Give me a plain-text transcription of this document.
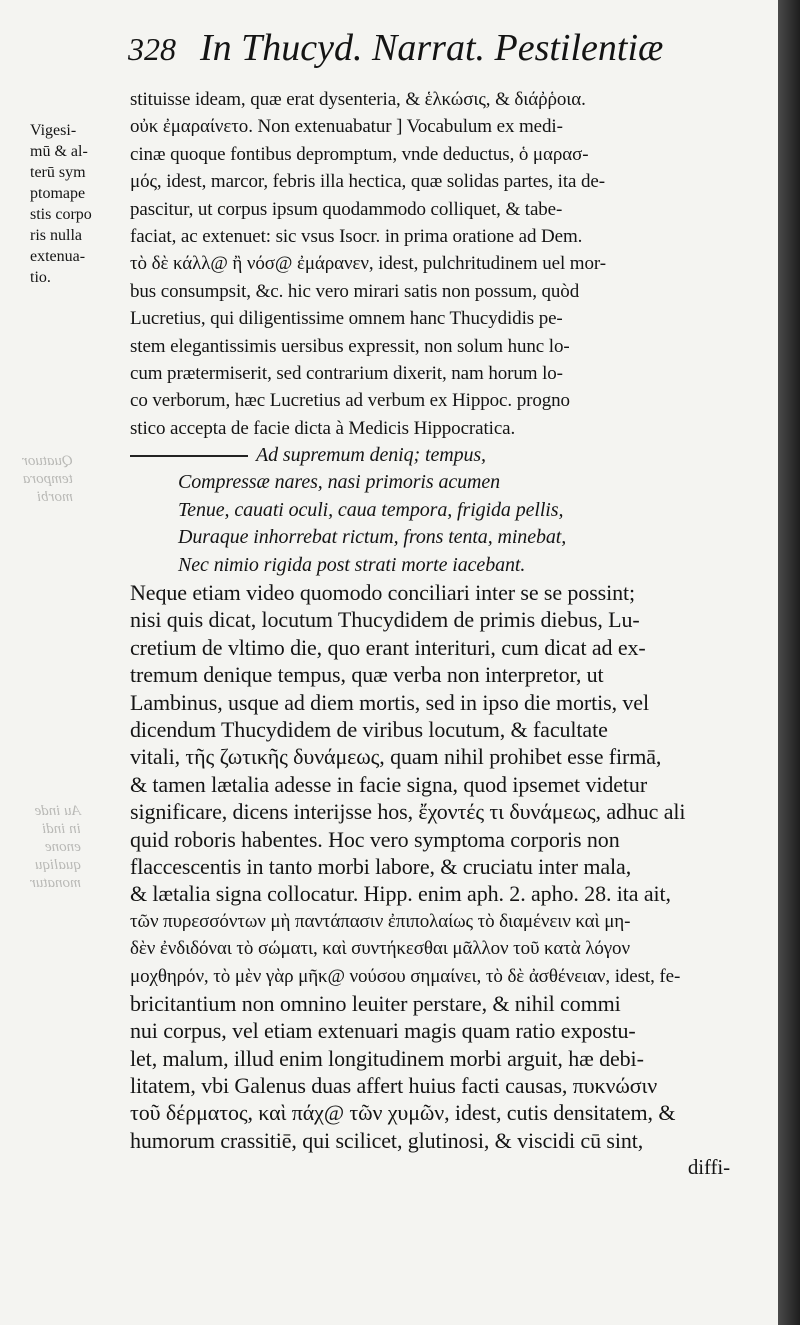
Quatuor
tempora
morbi
Au inde
in indi
enone
qualiqu
monatur
328 In Thucyd. Narrat. Pestilentiæ
Vigesi-
mū & al-
terū sym
ptomape
stis corpo
ris nulla
extenua-
tio.
stituisse ideam, quæ erat dysenteria, & ἑλκώσις, & διάῤῥοια.
οὐκ ἐμαραίνετο. Non extenuabatur ] Vocabulum ex medi-
cinæ quoque fontibus depromptum, vnde deductus, ὁ μαρασ-
μός, idest, marcor, febris illa hectica, quæ solidas partes, ita de-
pascitur, ut corpus ipsum quodammodo colliquet, & tabe-
faciat, ac extenuet: sic vsus Isocr. in prima oratione ad Dem.
τὸ δὲ κάλλ@ ἢ νόσ@ ἐμάρανεν, idest, pulchritudinem uel mor-
bus consumpsit, &c. hic vero mirari satis non possum, quòd
Lucretius, qui diligentissime omnem hanc Thucydidis pe-
stem elegantissimis uersibus expressit, non solum hunc lo-
cum prætermiserit, sed contrarium dixerit, nam horum lo-
co verborum, hæc Lucretius ad verbum ex Hippoc. progno
stico accepta de facie dicta à Medicis Hippocratica.
Ad supremum deniq; tempus,
Compressæ nares, nasi primoris acumen
Tenue, cauati oculi, caua tempora, frigida pellis,
Duraque inhorrebat rictum, frons tenta, minebat,
Nec nimio rigida post strati morte iacebant.
Neque etiam video quomodo conciliari inter se se possint;
nisi quis dicat, locutum Thucydidem de primis diebus, Lu-
cretium de vltimo die, quo erant interituri, cum dicat ad ex-
tremum denique tempus, quæ verba non interpretor, ut
Lambinus, usque ad diem mortis, sed in ipso die mortis, vel
dicendum Thucydidem de viribus locutum, & facultate
vitali, τῆς ζωτικῆς δυνάμεως, quam nihil prohibet esse firmā,
& tamen lætalia adesse in facie signa, quod ipsemet videtur
significare, dicens interijsse hos, ἔχοντές τι δυνάμεως, adhuc ali
quid roboris habentes. Hoc vero symptoma corporis non
flaccescentis in tanto morbi labore, & cruciatu inter mala,
& lætalia signa collocatur. Hipp. enim aph. 2. apho. 28. ita ait,
τῶν πυρεσσόντων μὴ παντάπασιν ἐπιπολαίως τὸ διαμένειν καὶ μη-
δὲν ἐνδιδόναι τὸ σώματι, καὶ συντήκεσθαι μᾶλλον τοῦ κατὰ λόγον
μοχθηρόν, τὸ μὲν γὰρ μῆκ@ νούσου σημαίνει, τὸ δὲ ἀσθένειαν, idest, fe-
bricitantium non omnino leuiter perstare, & nihil commi
nui corpus, vel etiam extenuari magis quam ratio expostu-
let, malum, illud enim longitudinem morbi arguit, hæ debi-
litatem, vbi Galenus duas affert huius facti causas, πυκνώσιν
τοῦ δέρματος, καὶ πάχ@ τῶν χυμῶν, idest, cutis densitatem, &
humorum crassitiē, qui scilicet, glutinosi, & viscidi cū sint,
diffi-
